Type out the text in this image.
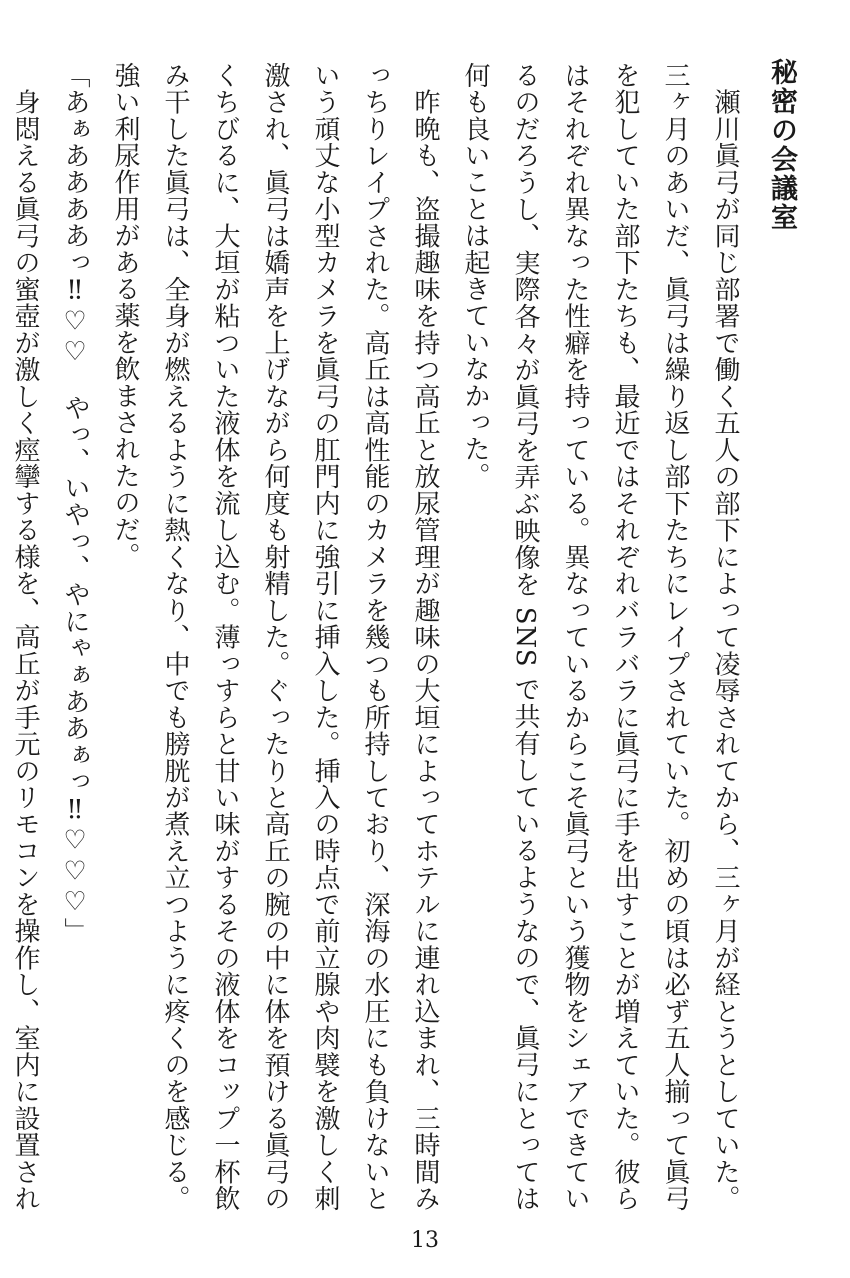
秘密の会議室

　瀬川眞弓が同じ部署で働く五人の部下によって凌辱されてから、三ヶ月が経とうとしていた。三ヶ月のあいだ、眞弓は繰り返し部下たちにレイプされていた。初めの頃は必ず五人揃って眞弓を犯していた部下たちも、最近ではそれぞれバラバラに眞弓に手を出すことが増えていた。彼らはそれぞれ異なった性癖を持っている。異なっているからこそ眞弓という獲物をシェアできているのだろうし、実際各々が眞弓を弄ぶ映像を SNS で共有しているようなので、眞弓にとっては何も良いことは起きていなかった。

　昨晩も、盗撮趣味を持つ高丘と放尿管理が趣味の大垣によってホテルに連れ込まれ、三時間みっちりレイプされた。高丘は高性能のカメラを幾つも所持しており、深海の水圧にも負けないという頑丈な小型カメラを眞弓の肛門内に強引に挿入した。挿入の時点で前立腺や肉襞を激しく刺激され、眞弓は嬌声を上げながら何度も射精した。ぐったりと高丘の腕の中に体を預ける眞弓のくちびるに、大垣が粘ついた液体を流し込む。薄っすらと甘い味がするその液体をコップ一杯飲み干した眞弓は、全身が燃えるように熱くなり、中でも膀胱が煮え立つように疼くのを感じる。強い利尿作用がある薬を飲まされたのだ。

「あぁああああっ‼︎♡♡　やっ、いやっ、やにゃぁああぁっ‼︎♡♡♡」

　身悶える眞弓の蜜壺が激しく痙攣する様を、高丘が手元のリモコンを操作し、室内に設置され

13
